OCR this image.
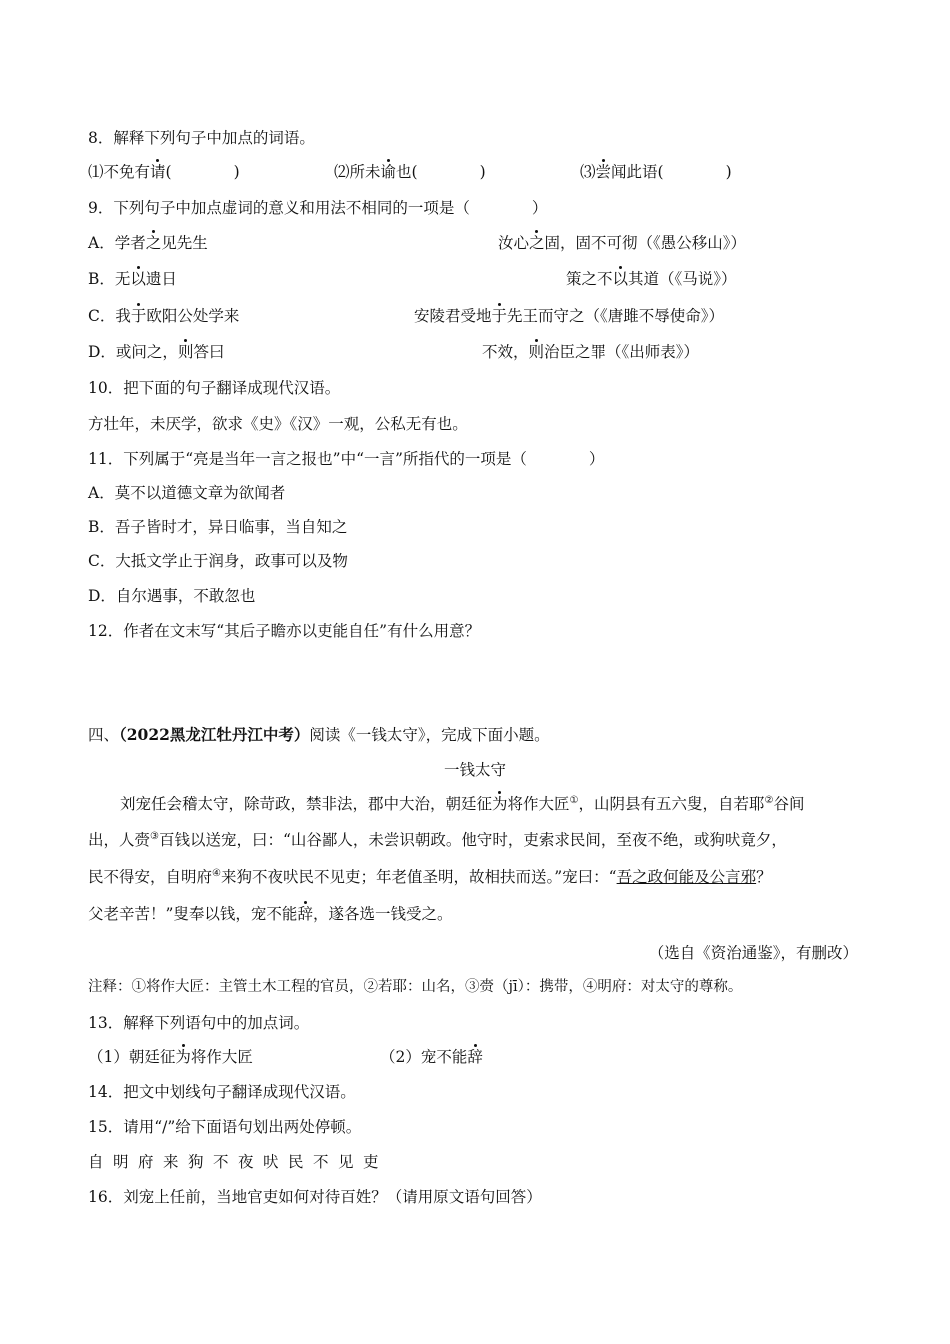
8．解释下列句子中加点的词语。
⑴不免有请(　　　　)	⑵所未谕也(　　　　)	⑶尝闻此语(　　　　)
9．下列句子中加点虚词的意义和用法不相同的一项是（　　　　）
A．学者之见先生	汝心之固，固不可彻（《愚公移山》）
B．无以遗日	策之不以其道（《马说》）
C．我于欧阳公处学来	安陵君受地于先王而守之（《唐雎不辱使命》）
D．或问之，则答曰	不效，则治臣之罪（《出师表》）
10．把下面的句子翻译成现代汉语。
方壮年，未厌学，欲求《史》《汉》一观，公私无有也。
11．下列属于“亮是当年一言之报也”中“一言”所指代的一项是（　　　　）
A．莫不以道德文章为欲闻者
B．吾子皆时才，异日临事，当自知之
C．大抵文学止于润身，政事可以及物
D．自尔遇事，不敢忽也
12．作者在文末写“其后子瞻亦以吏能自任”有什么用意？
四、（2022黑龙江牡丹江中考）阅读《一钱太守》，完成下面小题。
一钱太守
刘宠任会稽太守，除苛政，禁非法，郡中大治，朝廷征为将作大匠①，山阴县有五六叟，自若耶②谷间
出，人赍③百钱以送宠，曰：“山谷鄙人，未尝识朝政。他守时，吏索求民间，至夜不绝，或狗吠竟夕，
民不得安，自明府④来狗不夜吠民不见吏；年老值圣明，故相扶而送。”宠曰：“吾之政何能及公言邪？
父老辛苦！”叟奉以钱，宠不能辞，遂各选一钱受之。
（选自《资治通鉴》，有删改）
注释：①将作大匠：主管土木工程的官员，②若耶：山名，③赍（jī）：携带，④明府：对太守的尊称。
13．解释下列语句中的加点词。
（1）朝廷征为将作大匠	（2）宠不能辞
14．把文中划线句子翻译成现代汉语。
15．请用“/”给下面语句划出两处停顿。
自明府来狗不夜吠民不见吏
16．刘宠上任前，当地官吏如何对待百姓？（请用原文语句回答）
